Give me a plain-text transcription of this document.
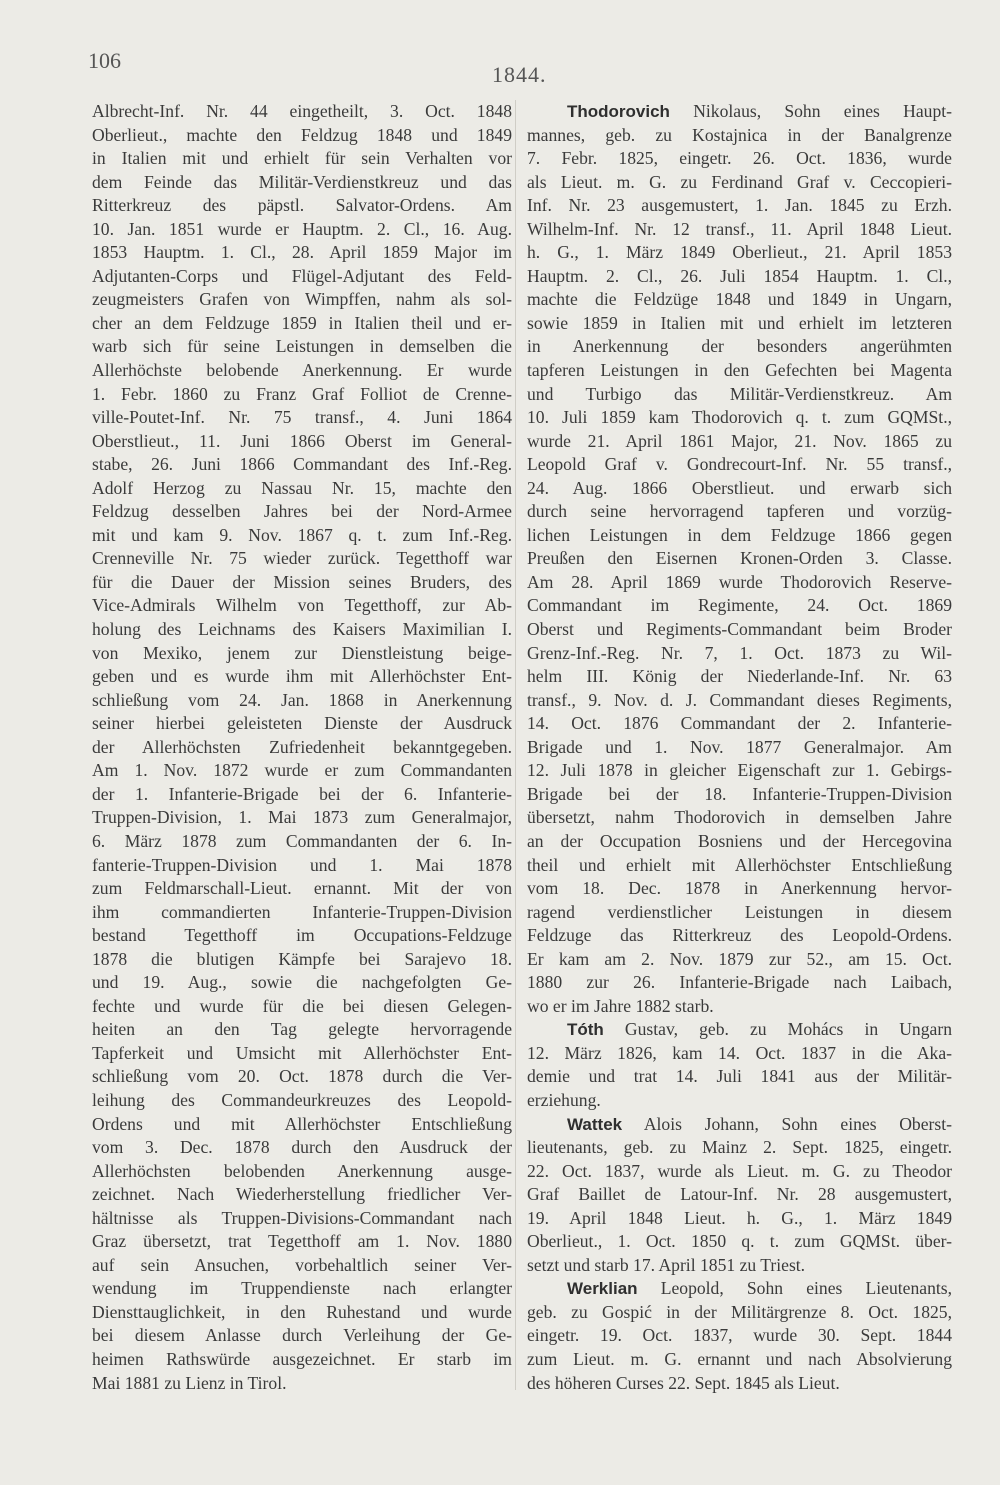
106
1844.
Albrecht-Inf. Nr. 44 eingetheilt, 3. Oct. 1848
Oberlieut., machte den Feldzug 1848 und 1849
in Italien mit und erhielt für sein Verhalten vor
dem Feinde das Militär-Verdienstkreuz und das
Ritterkreuz des päpstl. Salvator-Ordens. Am
10. Jan. 1851 wurde er Hauptm. 2. Cl., 16. Aug.
1853 Hauptm. 1. Cl., 28. April 1859 Major im
Adjutanten-Corps und Flügel-Adjutant des Feld-
zeugmeisters Grafen von Wimpffen, nahm als sol-
cher an dem Feldzuge 1859 in Italien theil und er-
warb sich für seine Leistungen in demselben die
Allerhöchste belobende Anerkennung. Er wurde
1. Febr. 1860 zu Franz Graf Folliot de Crenne-
ville-Poutet-Inf. Nr. 75 transf., 4. Juni 1864
Oberstlieut., 11. Juni 1866 Oberst im General-
stabe, 26. Juni 1866 Commandant des Inf.-Reg.
Adolf Herzog zu Nassau Nr. 15, machte den
Feldzug desselben Jahres bei der Nord-Armee
mit und kam 9. Nov. 1867 q. t. zum Inf.-Reg.
Crenneville Nr. 75 wieder zurück. Tegetthoff war
für die Dauer der Mission seines Bruders, des
Vice-Admirals Wilhelm von Tegetthoff, zur Ab-
holung des Leichnams des Kaisers Maximilian I.
von Mexiko, jenem zur Dienstleistung beige-
geben und es wurde ihm mit Allerhöchster Ent-
schließung vom 24. Jan. 1868 in Anerkennung
seiner hierbei geleisteten Dienste der Ausdruck
der Allerhöchsten Zufriedenheit bekanntgegeben.
Am 1. Nov. 1872 wurde er zum Commandanten
der 1. Infanterie-Brigade bei der 6. Infanterie-
Truppen-Division, 1. Mai 1873 zum Generalmajor,
6. März 1878 zum Commandanten der 6. In-
fanterie-Truppen-Division und 1. Mai 1878
zum Feldmarschall-Lieut. ernannt. Mit der von
ihm commandierten Infanterie-Truppen-Division
bestand Tegetthoff im Occupations-Feldzuge
1878 die blutigen Kämpfe bei Sarajevo 18.
und 19. Aug., sowie die nachgefolgten Ge-
fechte und wurde für die bei diesen Gelegen-
heiten an den Tag gelegte hervorragende
Tapferkeit und Umsicht mit Allerhöchster Ent-
schließung vom 20. Oct. 1878 durch die Ver-
leihung des Commandeurkreuzes des Leopold-
Ordens und mit Allerhöchster Entschließung
vom 3. Dec. 1878 durch den Ausdruck der
Allerhöchsten belobenden Anerkennung ausge-
zeichnet. Nach Wiederherstellung friedlicher Ver-
hältnisse als Truppen-Divisions-Commandant nach
Graz übersetzt, trat Tegetthoff am 1. Nov. 1880
auf sein Ansuchen, vorbehaltlich seiner Ver-
wendung im Truppendienste nach erlangter
Diensttauglichkeit, in den Ruhestand und wurde
bei diesem Anlasse durch Verleihung der Ge-
heimen Rathswürde ausgezeichnet. Er starb im
Mai 1881 zu Lienz in Tirol.
Thodorovich Nikolaus, Sohn eines Haupt-
mannes, geb. zu Kostajnica in der Banalgrenze
7. Febr. 1825, eingetr. 26. Oct. 1836, wurde
als Lieut. m. G. zu Ferdinand Graf v. Ceccopieri-
Inf. Nr. 23 ausgemustert, 1. Jan. 1845 zu Erzh.
Wilhelm-Inf. Nr. 12 transf., 11. April 1848 Lieut.
h. G., 1. März 1849 Oberlieut., 21. April 1853
Hauptm. 2. Cl., 26. Juli 1854 Hauptm. 1. Cl.,
machte die Feldzüge 1848 und 1849 in Ungarn,
sowie 1859 in Italien mit und erhielt im letzteren
in Anerkennung der besonders angerühmten
tapferen Leistungen in den Gefechten bei Magenta
und Turbigo das Militär-Verdienstkreuz. Am
10. Juli 1859 kam Thodorovich q. t. zum GQMSt.,
wurde 21. April 1861 Major, 21. Nov. 1865 zu
Leopold Graf v. Gondrecourt-Inf. Nr. 55 transf.,
24. Aug. 1866 Oberstlieut. und erwarb sich
durch seine hervorragend tapferen und vorzüg-
lichen Leistungen in dem Feldzuge 1866 gegen
Preußen den Eisernen Kronen-Orden 3. Classe.
Am 28. April 1869 wurde Thodorovich Reserve-
Commandant im Regimente, 24. Oct. 1869
Oberst und Regiments-Commandant beim Broder
Grenz-Inf.-Reg. Nr. 7, 1. Oct. 1873 zu Wil-
helm III. König der Niederlande-Inf. Nr. 63
transf., 9. Nov. d. J. Commandant dieses Regiments,
14. Oct. 1876 Commandant der 2. Infanterie-
Brigade und 1. Nov. 1877 Generalmajor. Am
12. Juli 1878 in gleicher Eigenschaft zur 1. Gebirgs-
Brigade bei der 18. Infanterie-Truppen-Division
übersetzt, nahm Thodorovich in demselben Jahre
an der Occupation Bosniens und der Hercegovina
theil und erhielt mit Allerhöchster Entschließung
vom 18. Dec. 1878 in Anerkennung hervor-
ragend verdienstlicher Leistungen in diesem
Feldzuge das Ritterkreuz des Leopold-Ordens.
Er kam am 2. Nov. 1879 zur 52., am 15. Oct.
1880 zur 26. Infanterie-Brigade nach Laibach,
wo er im Jahre 1882 starb.
Tóth Gustav, geb. zu Mohács in Ungarn
12. März 1826, kam 14. Oct. 1837 in die Aka-
demie und trat 14. Juli 1841 aus der Militär-
erziehung.
Wattek Alois Johann, Sohn eines Oberst-
lieutenants, geb. zu Mainz 2. Sept. 1825, eingetr.
22. Oct. 1837, wurde als Lieut. m. G. zu Theodor
Graf Baillet de Latour-Inf. Nr. 28 ausgemustert,
19. April 1848 Lieut. h. G., 1. März 1849
Oberlieut., 1. Oct. 1850 q. t. zum GQMSt. über-
setzt und starb 17. April 1851 zu Triest.
Werklian Leopold, Sohn eines Lieutenants,
geb. zu Gospić in der Militärgrenze 8. Oct. 1825,
eingetr. 19. Oct. 1837, wurde 30. Sept. 1844
zum Lieut. m. G. ernannt und nach Absolvierung
des höheren Curses 22. Sept. 1845 als Lieut.
